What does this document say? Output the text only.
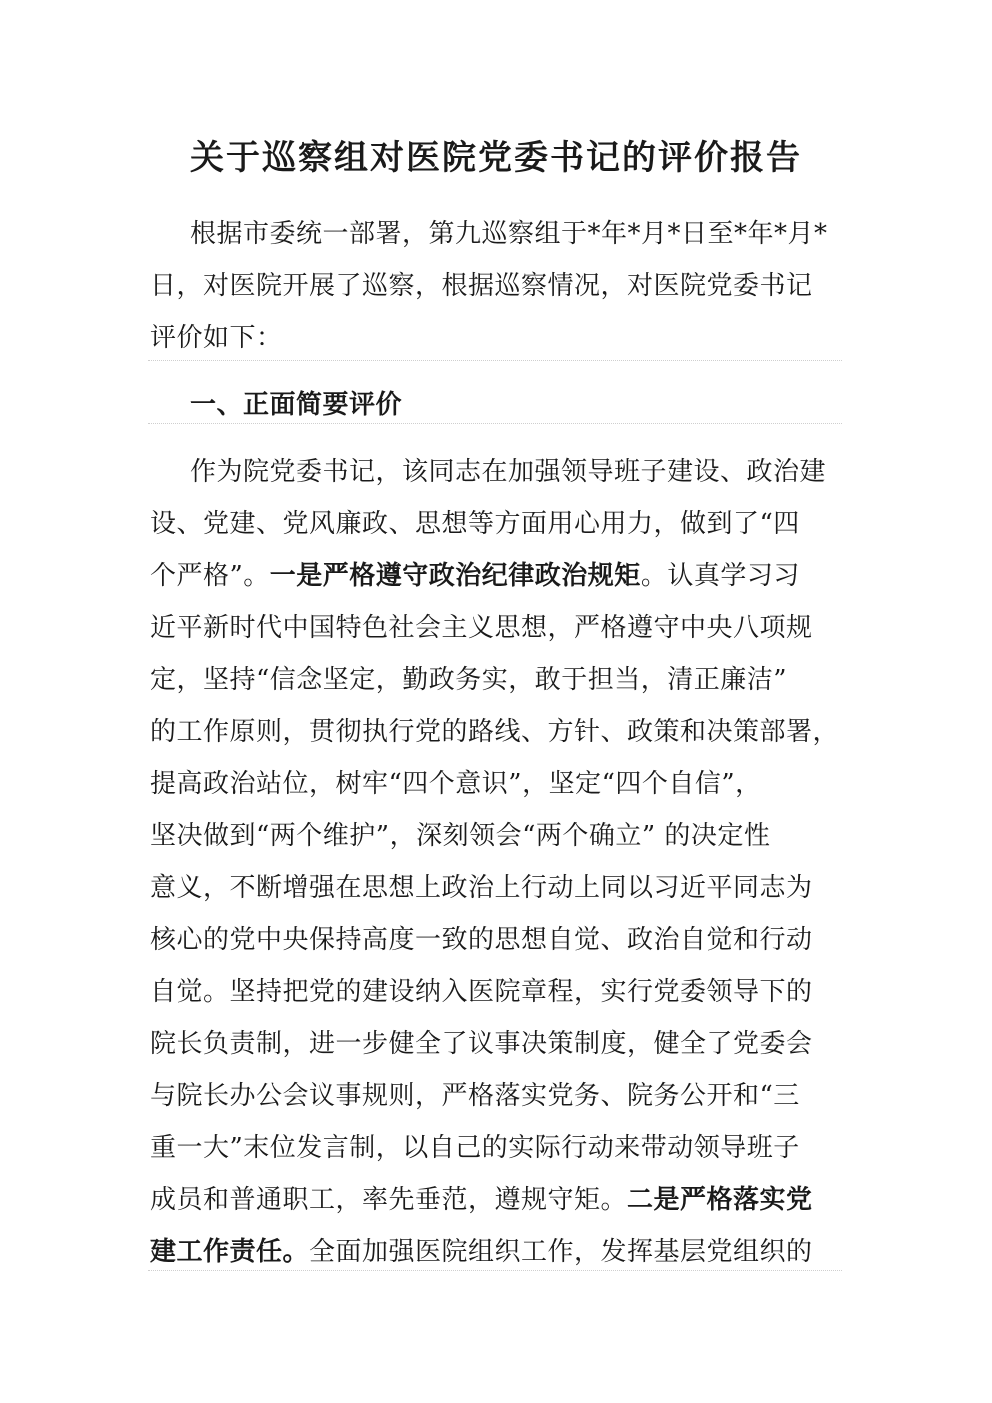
关于巡察组对医院党委书记的评价报告
根据市委统一部署，第九巡察组于*年*月*日至*年*月*
日，对医院开展了巡察，根据巡察情况，对医院党委书记
评价如下：
一、正面简要评价
作为院党委书记，该同志在加强领导班子建设、政治建
设、党建、党风廉政、思想等方面用心用力，做到了“四
个严格”。一是严格遵守政治纪律政治规矩。认真学习习
近平新时代中国特色社会主义思想，严格遵守中央八项规
定，坚持“信念坚定，勤政务实，敢于担当，清正廉洁”
的工作原则，贯彻执行党的路线、方针、政策和决策部署，
提高政治站位，树牢“四个意识”，坚定“四个自信”，
坚决做到“两个维护”，深刻领会“两个确立” 的决定性
意义，不断增强在思想上政治上行动上同以习近平同志为
核心的党中央保持高度一致的思想自觉、政治自觉和行动
自觉。坚持把党的建设纳入医院章程，实行党委领导下的
院长负责制，进一步健全了议事决策制度，健全了党委会
与院长办公会议事规则，严格落实党务、院务公开和“三
重一大”末位发言制，以自己的实际行动来带动领导班子
成员和普通职工，率先垂范，遵规守矩。二是严格落实党
建工作责任。全面加强医院组织工作，发挥基层党组织的
